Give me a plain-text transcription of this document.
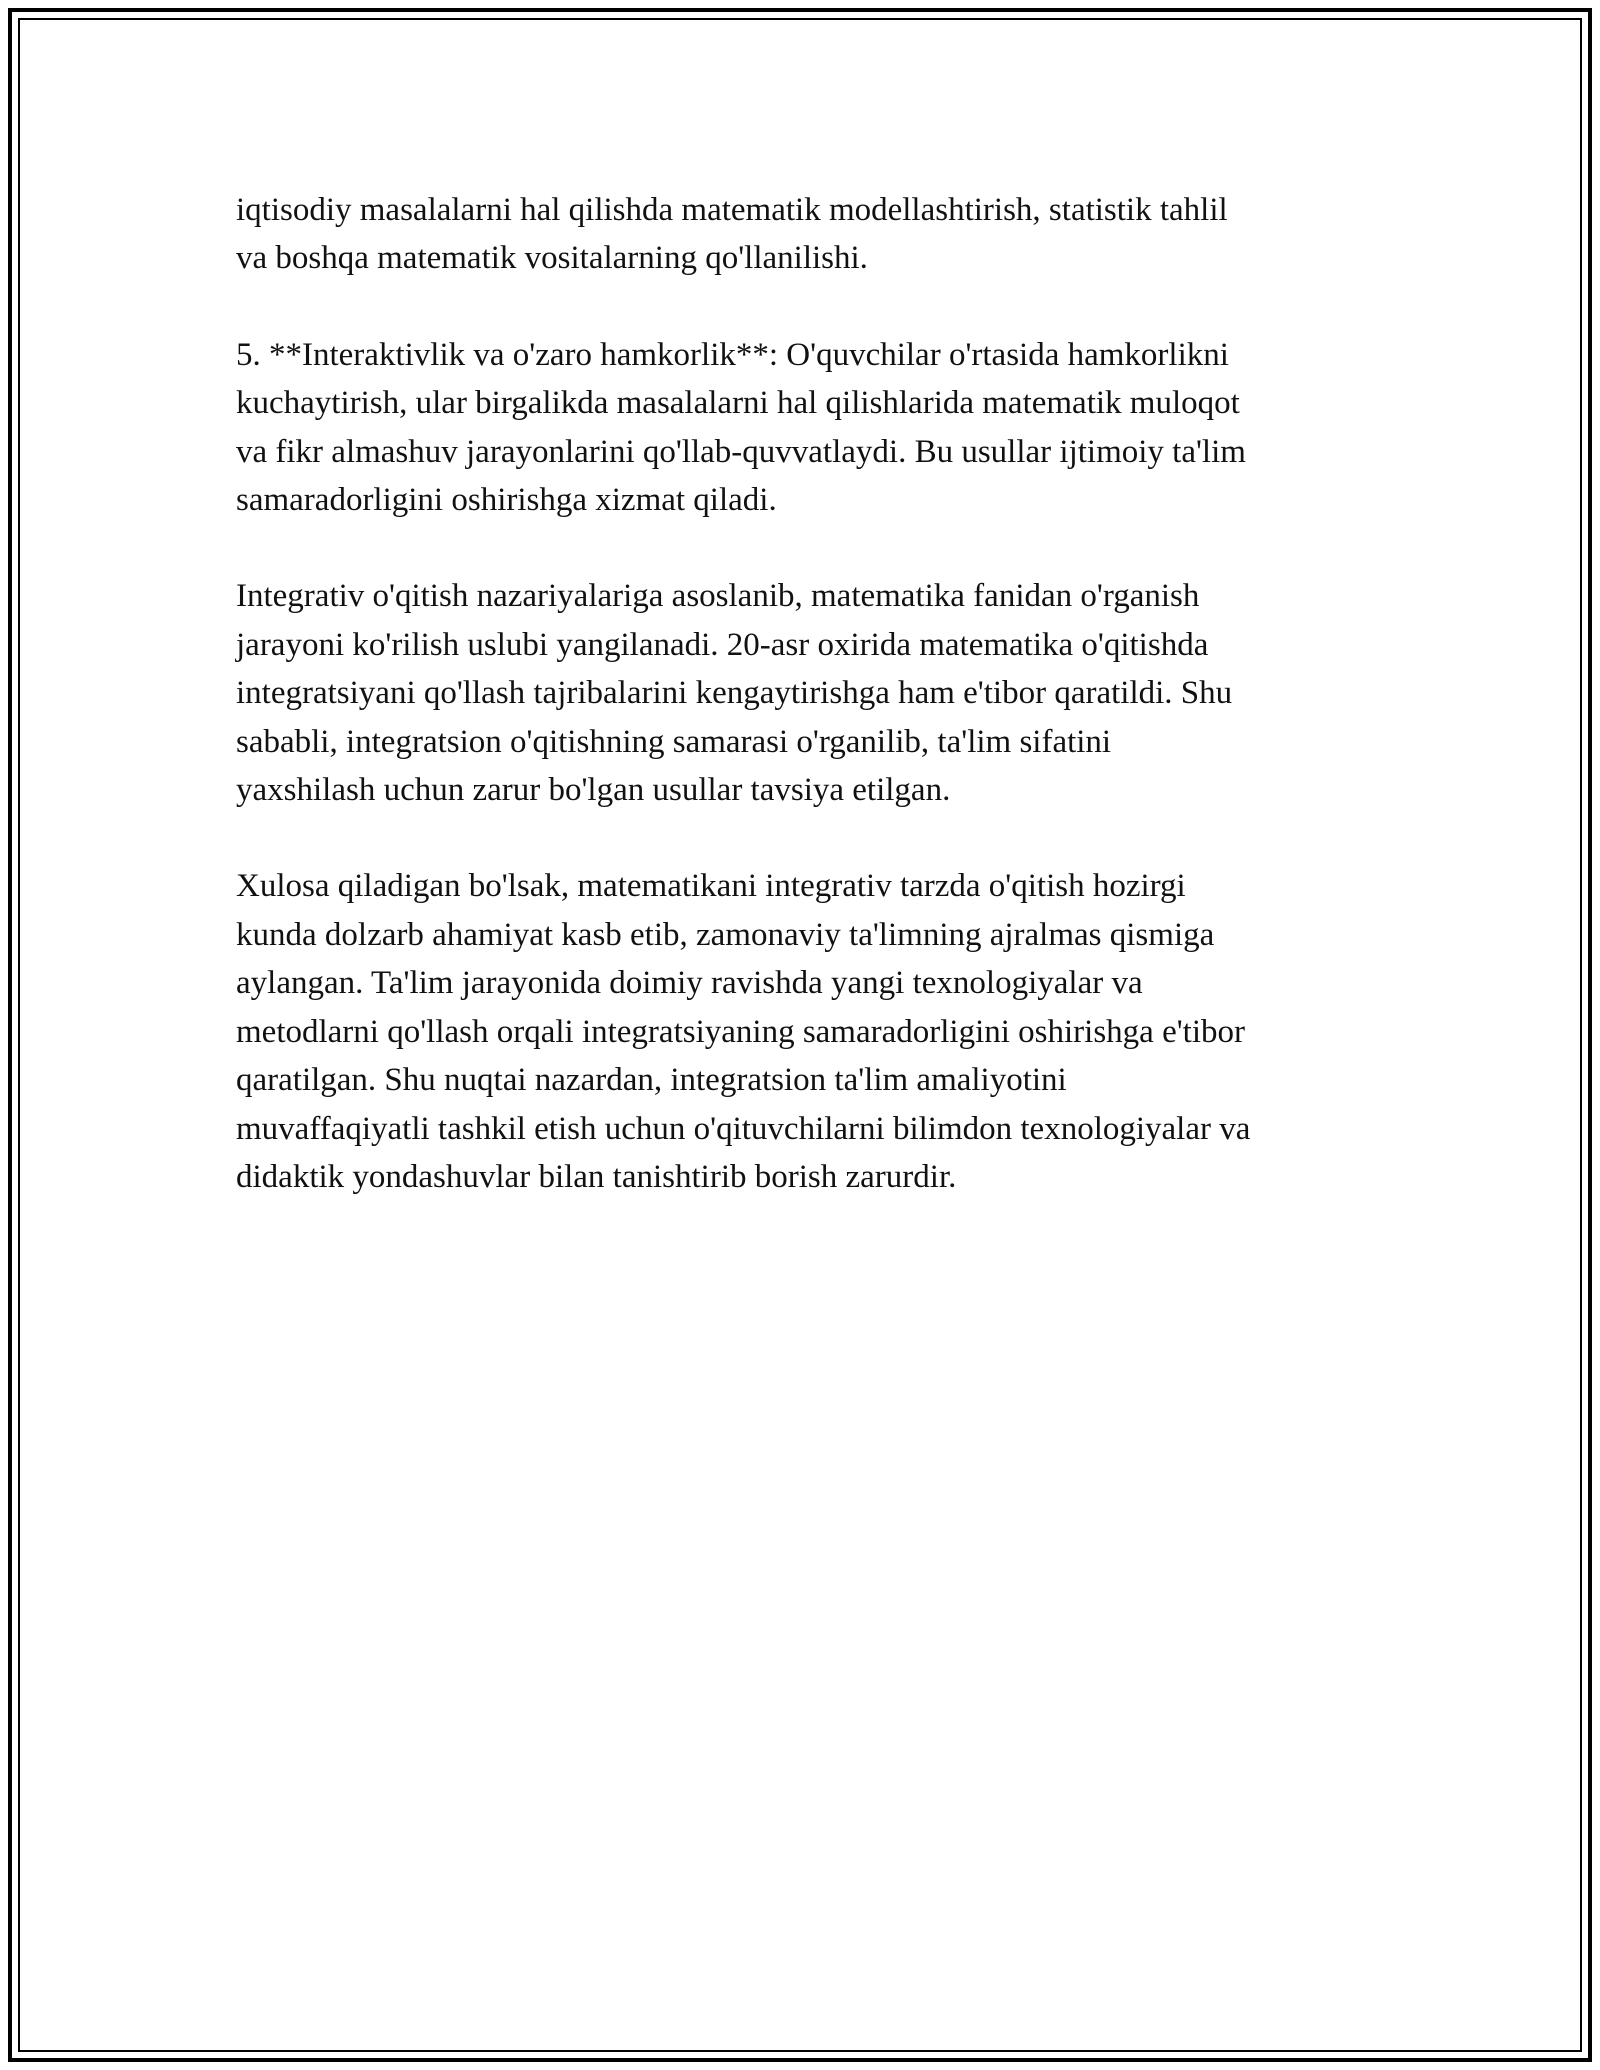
iqtisodiy masalalarni hal qilishda matematik modellashtirish, statistik tahlil
va boshqa matematik vositalarning qo'llanilishi.

5. **Interaktivlik va o'zaro hamkorlik**: O'quvchilar o'rtasida hamkorlikni
kuchaytirish, ular birgalikda masalalarni hal qilishlarida matematik muloqot
va fikr almashuv jarayonlarini qo'llab-quvvatlaydi. Bu usullar ijtimoiy ta'lim
samaradorligini oshirishga xizmat qiladi.

Integrativ o'qitish nazariyalariga asoslanib, matematika fanidan o'rganish
jarayoni ko'rilish uslubi yangilanadi. 20-asr oxirida matematika o'qitishda
integratsiyani qo'llash tajribalarini kengaytirishga ham e'tibor qaratildi. Shu
sababli, integratsion o'qitishning samarasi o'rganilib, ta'lim sifatini
yaxshilash uchun zarur bo'lgan usullar tavsiya etilgan.

Xulosa qiladigan bo'lsak, matematikani integrativ tarzda o'qitish hozirgi
kunda dolzarb ahamiyat kasb etib, zamonaviy ta'limning ajralmas qismiga
aylangan. Ta'lim jarayonida doimiy ravishda yangi texnologiyalar va
metodlarni qo'llash orqali integratsiyaning samaradorligini oshirishga e'tibor
qaratilgan. Shu nuqtai nazardan, integratsion ta'lim amaliyotini
muvaffaqiyatli tashkil etish uchun o'qituvchilarni bilimdon texnologiyalar va
didaktik yondashuvlar bilan tanishtirib borish zarurdir.
